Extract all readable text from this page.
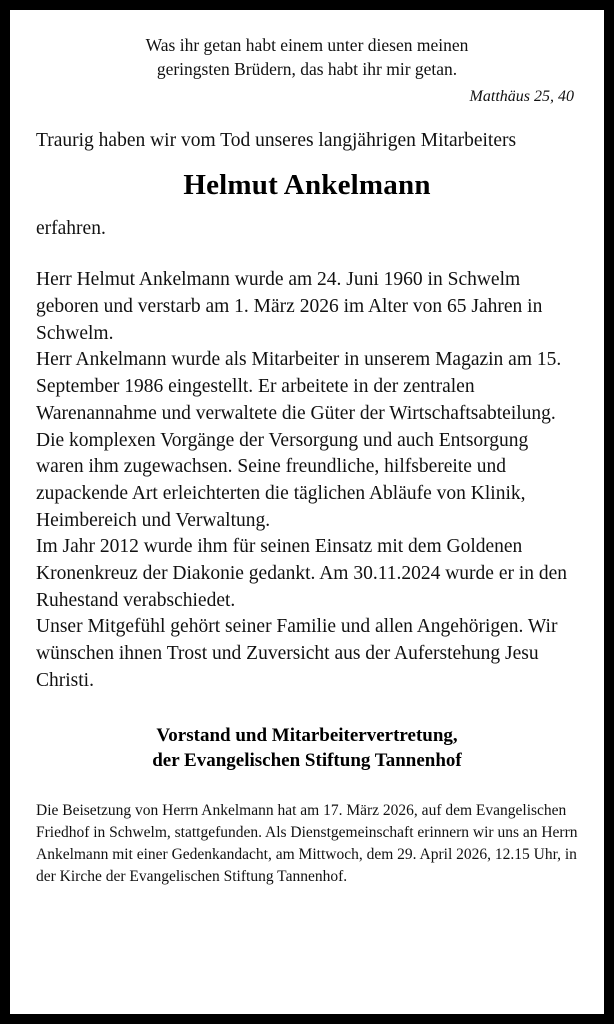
Was ihr getan habt einem unter diesen meinen
geringsten Brüdern, das habt ihr mir getan.
Matthäus 25, 40

Traurig haben wir vom Tod unseres langjährigen Mitarbeiters

Helmut Ankelmann

erfahren.

Herr Helmut Ankelmann wurde am 24. Juni 1960 in Schwelm geboren und verstarb am 1. März 2026 im Alter von 65 Jahren in Schwelm.

Herr Ankelmann wurde als Mitarbeiter in unserem Magazin am 15. September 1986 eingestellt. Er arbeitete in der zentralen Warenannahme und verwaltete die Güter der Wirtschaftsabteilung. Die komplexen Vorgänge der Versorgung und auch Entsorgung waren ihm zugewachsen. Seine freundliche, hilfsbereite und zupackende Art erleichterten die täglichen Abläufe von Klinik, Heimbereich und Verwaltung.

Im Jahr 2012 wurde ihm für seinen Einsatz mit dem Goldenen Kronenkreuz der Diakonie gedankt. Am 30.11.2024 wurde er in den Ruhestand verabschiedet.

Unser Mitgefühl gehört seiner Familie und allen Angehörigen. Wir wünschen ihnen Trost und Zuversicht aus der Auferstehung Jesu Christi.

Vorstand und Mitarbeitervertretung,
der Evangelischen Stiftung Tannenhof

Die Beisetzung von Herrn Ankelmann hat am 17. März 2026, auf dem Evangelischen Friedhof in Schwelm, stattgefunden. Als Dienstgemeinschaft erinnern wir uns an Herrn Ankelmann mit einer Gedenkandacht, am Mittwoch, dem 29. April 2026, 12.15 Uhr, in der Kirche der Evangelischen Stiftung Tannenhof.
